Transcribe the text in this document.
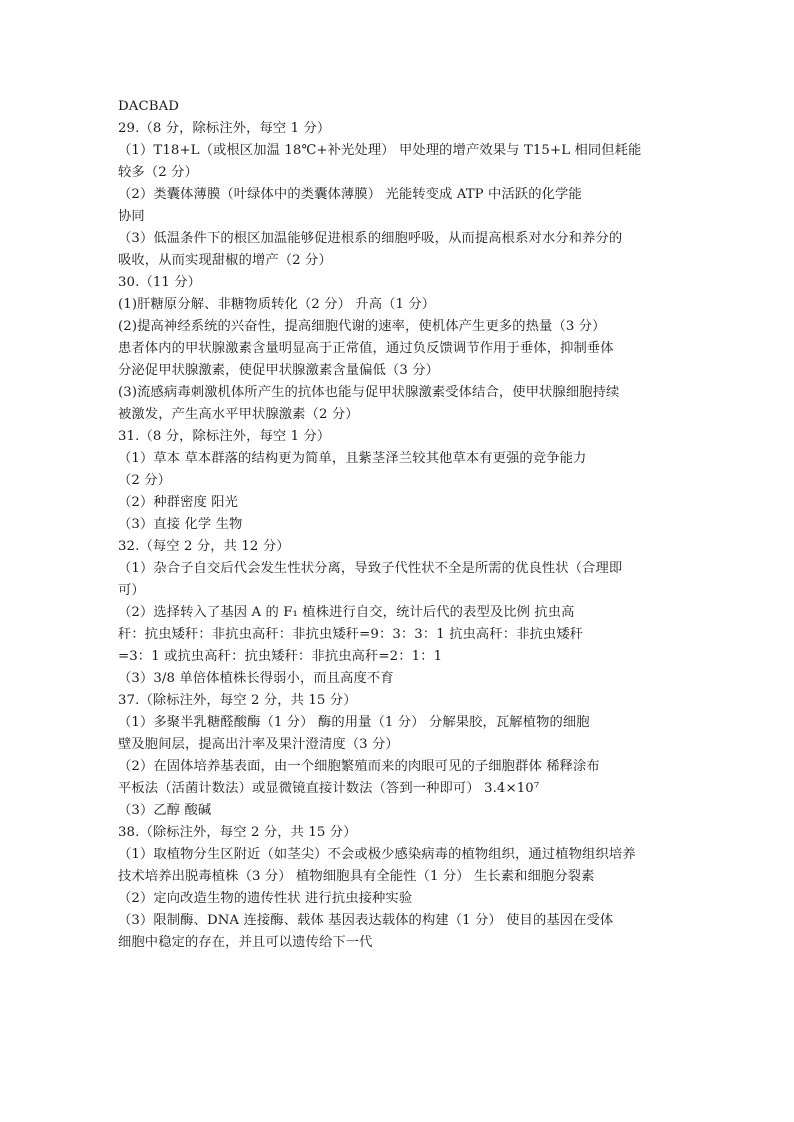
DACBAD
29.（8 分，除标注外，每空 1 分）
（1）T18+L（或根区加温 18℃+补光处理） 甲处理的增产效果与 T15+L 相同但耗能
较多（2 分）
（2）类囊体薄膜（叶绿体中的类囊体薄膜） 光能转变成 ATP 中活跃的化学能
协同
（3）低温条件下的根区加温能够促进根系的细胞呼吸，从而提高根系对水分和养分的
吸收，从而实现甜椒的增产（2 分）
30.（11 分）
(1)肝糖原分解、非糖物质转化（2 分） 升高（1 分）
(2)提高神经系统的兴奋性，提高细胞代谢的速率，使机体产生更多的热量（3 分）
患者体内的甲状腺激素含量明显高于正常值，通过负反馈调节作用于垂体，抑制垂体
分泌促甲状腺激素，使促甲状腺激素含量偏低（3 分）
(3)流感病毒刺激机体所产生的抗体也能与促甲状腺激素受体结合，使甲状腺细胞持续
被激发，产生高水平甲状腺激素（2 分）
31.（8 分，除标注外，每空 1 分）
（1）草本 草本群落的结构更为简单，且紫茎泽兰较其他草本有更强的竞争能力
（2 分）
（2）种群密度 阳光
（3）直接 化学 生物
32.（每空 2 分，共 12 分）
（1）杂合子自交后代会发生性状分离，导致子代性状不全是所需的优良性状（合理即
可）
（2）选择转入了基因 A 的 F₁ 植株进行自交，统计后代的表型及比例 抗虫高
秆：抗虫矮秆：非抗虫高秆：非抗虫矮秆=9：3：3：1 抗虫高秆：非抗虫矮秆
=3：1 或抗虫高秆：抗虫矮秆：非抗虫高秆=2：1：1
（3）3/8 单倍体植株长得弱小，而且高度不育
37.（除标注外，每空 2 分，共 15 分）
（1）多聚半乳糖醛酸酶（1 分） 酶的用量（1 分） 分解果胶，瓦解植物的细胞
壁及胞间层，提高出汁率及果汁澄清度（3 分）
（2）在固体培养基表面，由一个细胞繁殖而来的肉眼可见的子细胞群体 稀释涂布
平板法（活菌计数法）或显微镜直接计数法（答到一种即可） 3.4×10⁷
（3）乙醇 酸碱
38.（除标注外，每空 2 分，共 15 分）
（1）取植物分生区附近（如茎尖）不会或极少感染病毒的植物组织，通过植物组织培养
技术培养出脱毒植株（3 分） 植物细胞具有全能性（1 分） 生长素和细胞分裂素
（2）定向改造生物的遗传性状 进行抗虫接种实验
（3）限制酶、DNA 连接酶、载体 基因表达载体的构建（1 分） 使目的基因在受体
细胞中稳定的存在，并且可以遗传给下一代
